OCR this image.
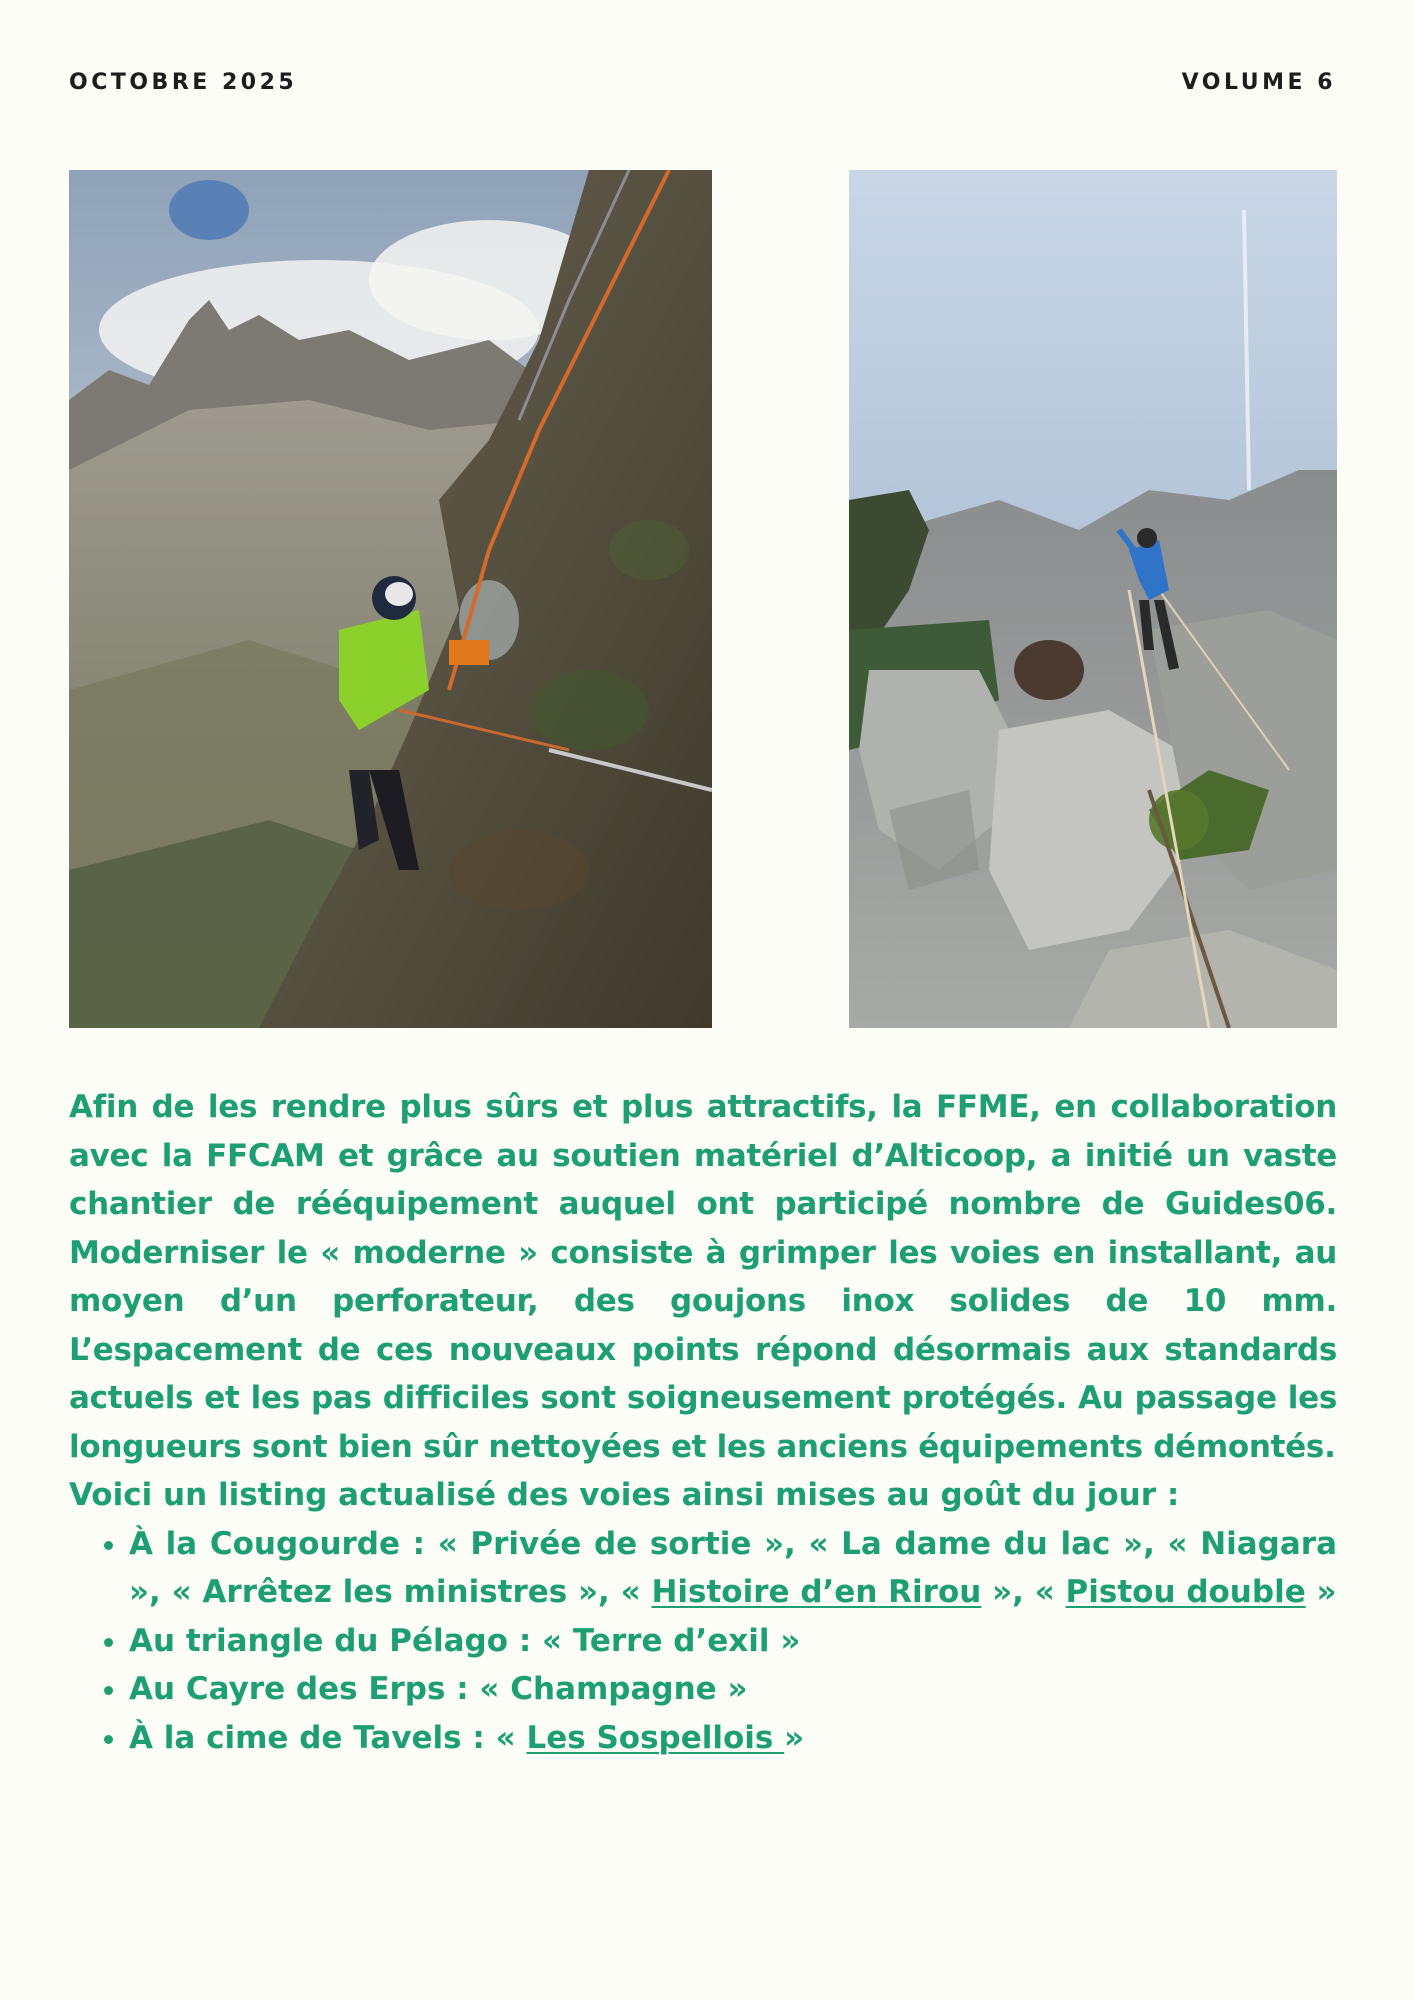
OCTOBRE 2025	VOLUME 6

Afin de les rendre plus sûrs et plus attractifs, la FFME, en collaboration avec la FFCAM et grâce au soutien matériel d’Alticoop, a initié un vaste chantier de rééquipement auquel ont participé nombre de Guides06. Moderniser le « moderne » consiste à grimper les voies en installant, au moyen d’un perforateur, des goujons inox solides de 10 mm. L’espacement de ces nouveaux points répond désormais aux standards actuels et les pas difficiles sont soigneusement protégés. Au passage les longueurs sont bien sûr nettoyées et les anciens équipements démontés.

Voici un listing actualisé des voies ainsi mises au goût du jour :

• À la Cougourde : « Privée de sortie », « La dame du lac », « Niagara », « Arrêtez les ministres », « Histoire d’en Rirou », « Pistou double »
• Au triangle du Pélago : « Terre d’exil »
• Au Cayre des Erps : « Champagne »
• À la cime de Tavels : « Les Sospellois »
